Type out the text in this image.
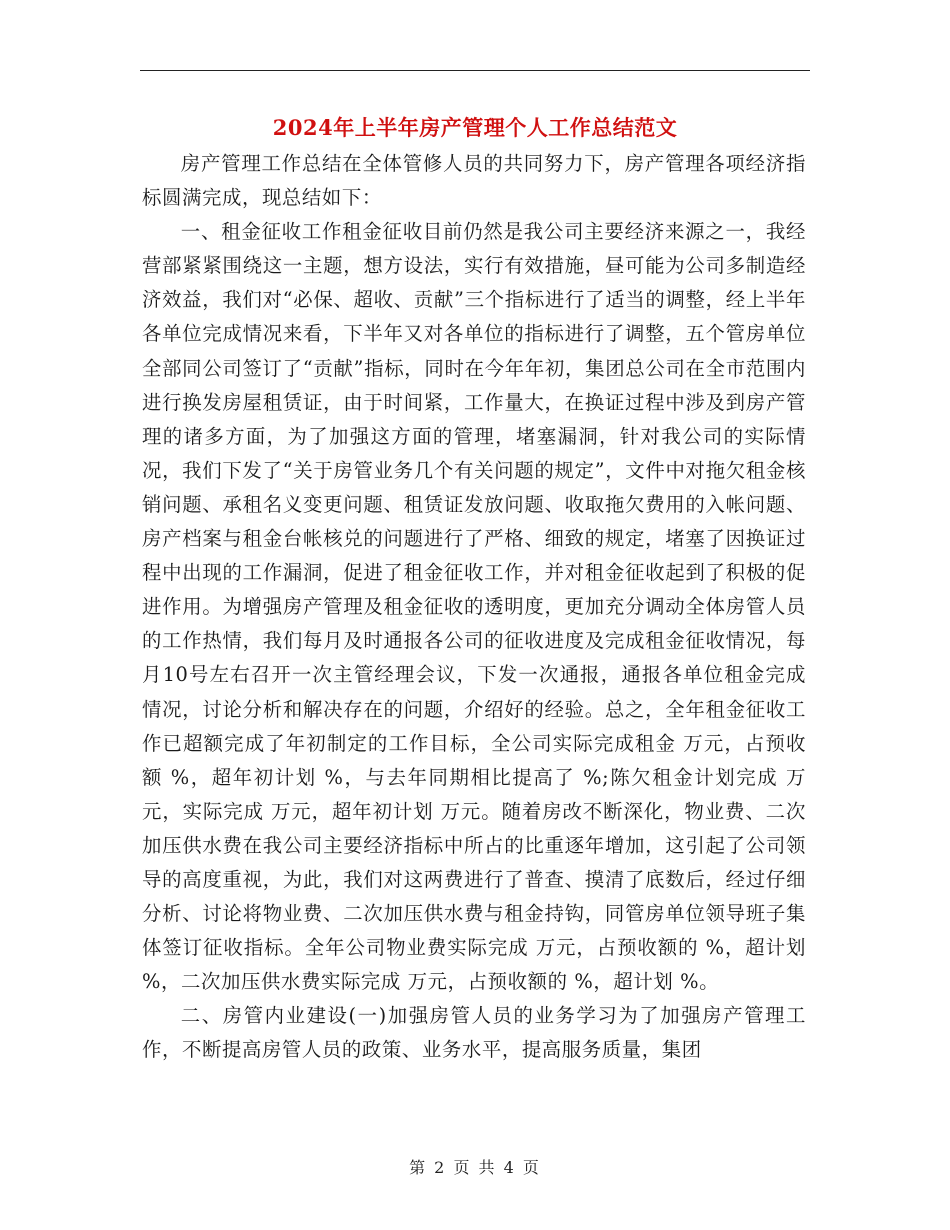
2024年上半年房产管理个人工作总结范文

房产管理工作总结在全体管修人员的共同努力下，房产管理各项经济指标圆满完成，现总结如下：

一、租金征收工作租金征收目前仍然是我公司主要经济来源之一，我经营部紧紧围绕这一主题，想方设法，实行有效措施，昼可能为公司多制造经济效益，我们对“必保、超收、贡献”三个指标进行了适当的调整，经上半年各单位完成情况来看，下半年又对各单位的指标进行了调整，五个管房单位全部同公司签订了“贡献”指标，同时在今年年初，集团总公司在全市范围内进行换发房屋租赁证，由于时间紧，工作量大，在换证过程中涉及到房产管理的诸多方面，为了加强这方面的管理，堵塞漏洞，针对我公司的实际情况，我们下发了“关于房管业务几个有关问题的规定”，文件中对拖欠租金核销问题、承租名义变更问题、租赁证发放问题、收取拖欠费用的入帐问题、房产档案与租金台帐核兑的问题进行了严格、细致的规定，堵塞了因换证过程中出现的工作漏洞，促进了租金征收工作，并对租金征收起到了积极的促进作用。为增强房产管理及租金征收的透明度，更加充分调动全体房管人员的工作热情，我们每月及时通报各公司的征收进度及完成租金征收情况，每月10号左右召开一次主管经理会议，下发一次通报，通报各单位租金完成情况，讨论分析和解决存在的问题，介绍好的经验。总之，全年租金征收工作已超额完成了年初制定的工作目标，全公司实际完成租金 万元，占预收额 %，超年初计划 %，与去年同期相比提高了 %;陈欠租金计划完成 万元，实际完成 万元，超年初计划 万元。随着房改不断深化，物业费、二次加压供水费在我公司主要经济指标中所占的比重逐年增加，这引起了公司领导的高度重视，为此，我们对这两费进行了普查、摸清了底数后，经过仔细分析、讨论将物业费、二次加压供水费与租金持钩，同管房单位领导班子集体签订征收指标。全年公司物业费实际完成 万元，占预收额的 %，超计划 %，二次加压供水费实际完成 万元，占预收额的 %，超计划 %。

二、房管内业建设(一)加强房管人员的业务学习为了加强房产管理工作，不断提高房管人员的政策、业务水平，提高服务质量，集团

第 2 页 共 4 页
